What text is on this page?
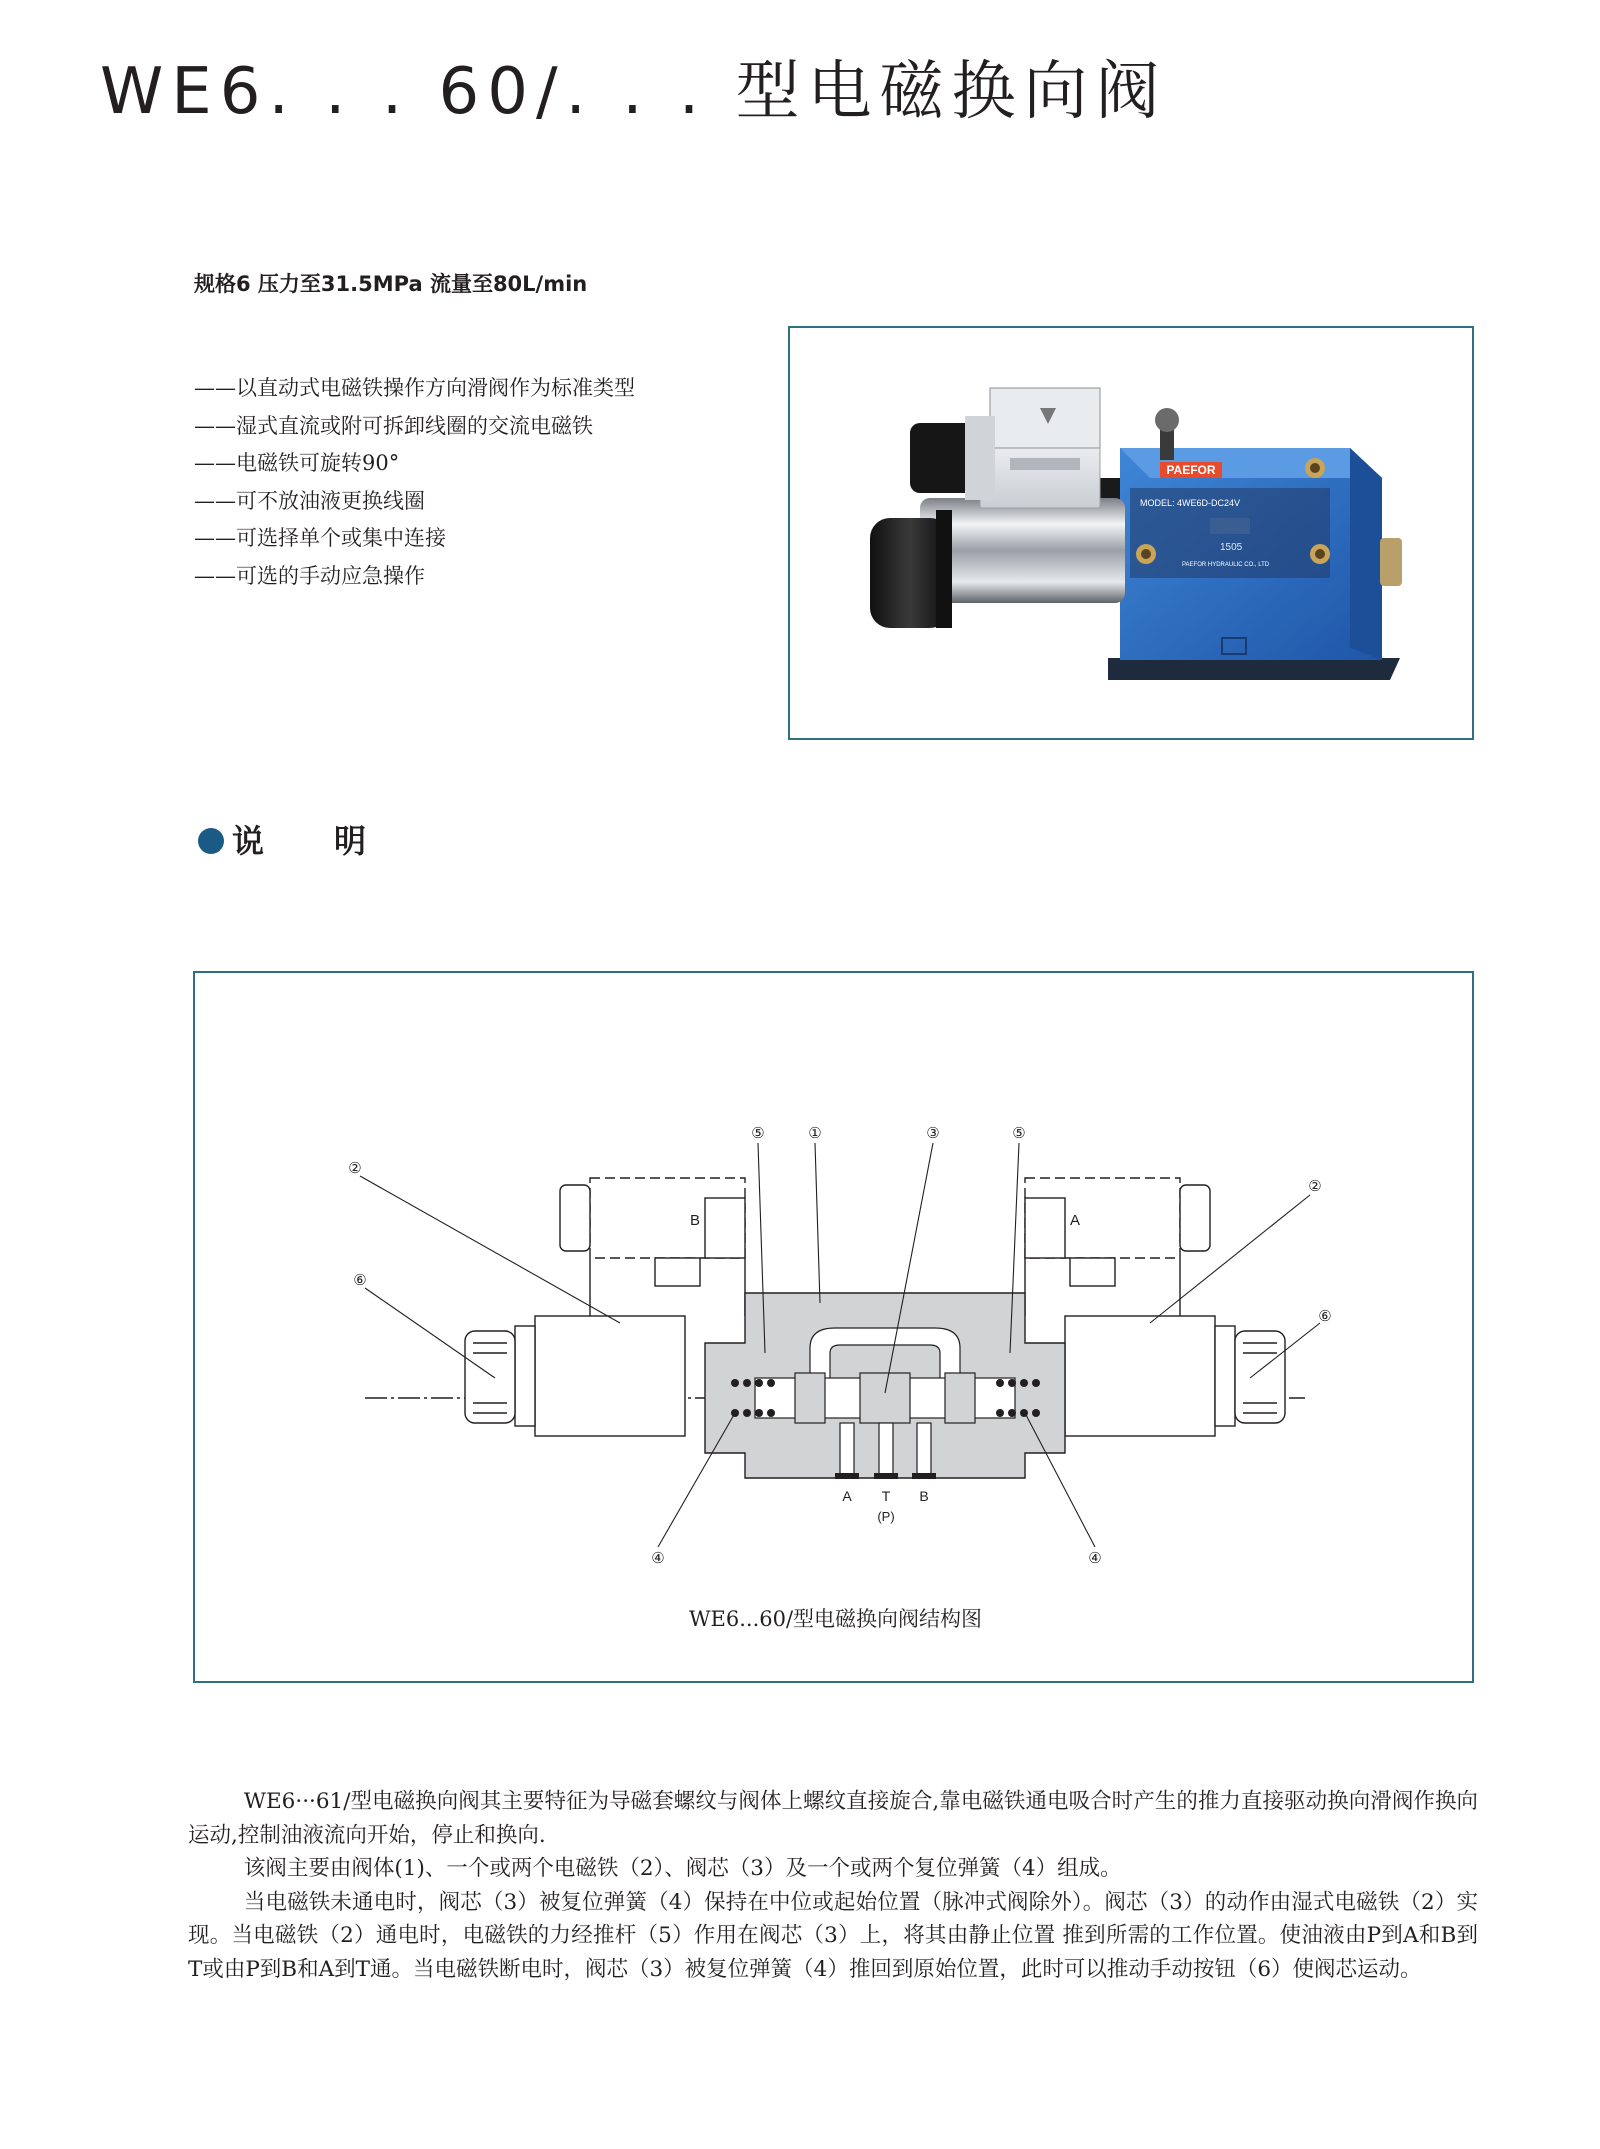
WE6. . . 60/. . . 型电磁换向阀
规格6 压力至31.5MPa 流量至80L/min
——以直动式电磁铁操作方向滑阀作为标准类型
——湿式直流或附可拆卸线圈的交流电磁铁
——电磁铁可旋转90°
——可不放油液更换线圈
——可选择单个或集中连接
——可选的手动应急操作
PAEFOR
MODEL: 4WE6D-DC24V
1505
PAEFOR HYDRAULIC CO., LTD
说　　明
B	A
A T B
(P)
②
⑥
⑤	①	③	⑤
②
⑥
④	④
WE6...60/型电磁换向阀结构图

WE6···61/型电磁换向阀其主要特征为导磁套螺纹与阀体上螺纹直接旋合,靠电磁铁通电吸合时产生的推力直接驱动换向滑阀作换向运动,控制油液流向开始，停止和换向.

该阀主要由阀体(1)、一个或两个电磁铁（2）、阀芯（3）及一个或两个复位弹簧（4）组成。

当电磁铁未通电时，阀芯（3）被复位弹簧（4）保持在中位或起始位置（脉冲式阀除外）。阀芯（3）的动作由湿式电磁铁（2）实现。当电磁铁（2）通电时，电磁铁的力经推杆（5）作用在阀芯（3）上，将其由静止位置 推到所需的工作位置。使油液由P到A和B到T或由P到B和A到T通。当电磁铁断电时，阀芯（3）被复位弹簧（4）推回到原始位置，此时可以推动手动按钮（6）使阀芯运动。
